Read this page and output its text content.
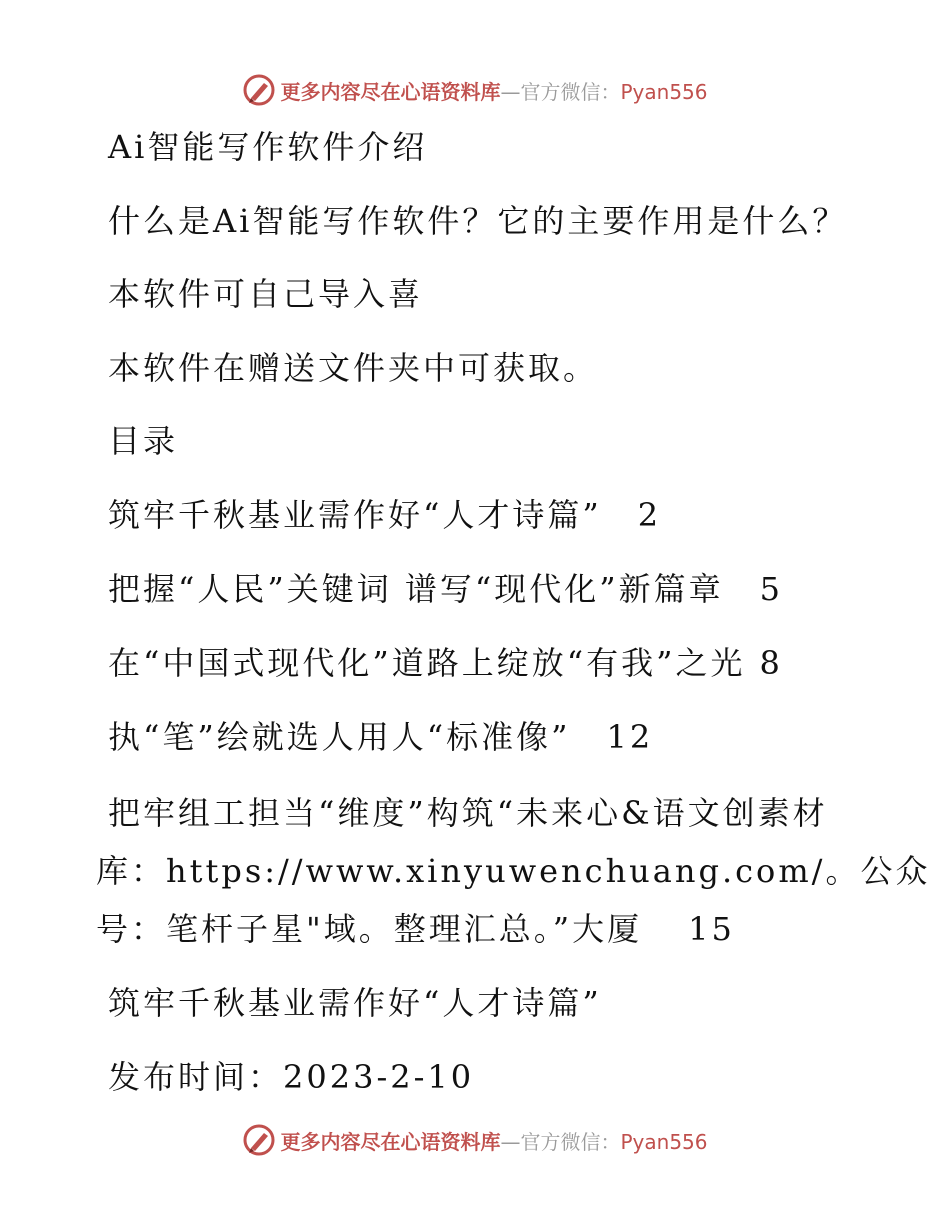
更多内容尽在心语资料库—官方微信：Pyan556
Ai智能写作软件介绍
什么是Ai智能写作软件？它的主要作用是什么？
本软件可自己导入喜
本软件在赠送文件夹中可获取。
目录
筑牢千秋基业需作好“人才诗篇” 2
把握“人民”关键词 谱写“现代化”新篇章 5
在“中国式现代化”道路上绽放“有我”之光 8
执“笔”绘就选人用人“标准像” 12
把牢组工担当“维度”构筑“未来心&语文创素材
库：https://www.xinyuwenchuang.com/。公众
号：笔杆子星"域。整理汇总。”大厦 15
筑牢千秋基业需作好“人才诗篇”
发布时间：2023-2-10
更多内容尽在心语资料库—官方微信：Pyan556
